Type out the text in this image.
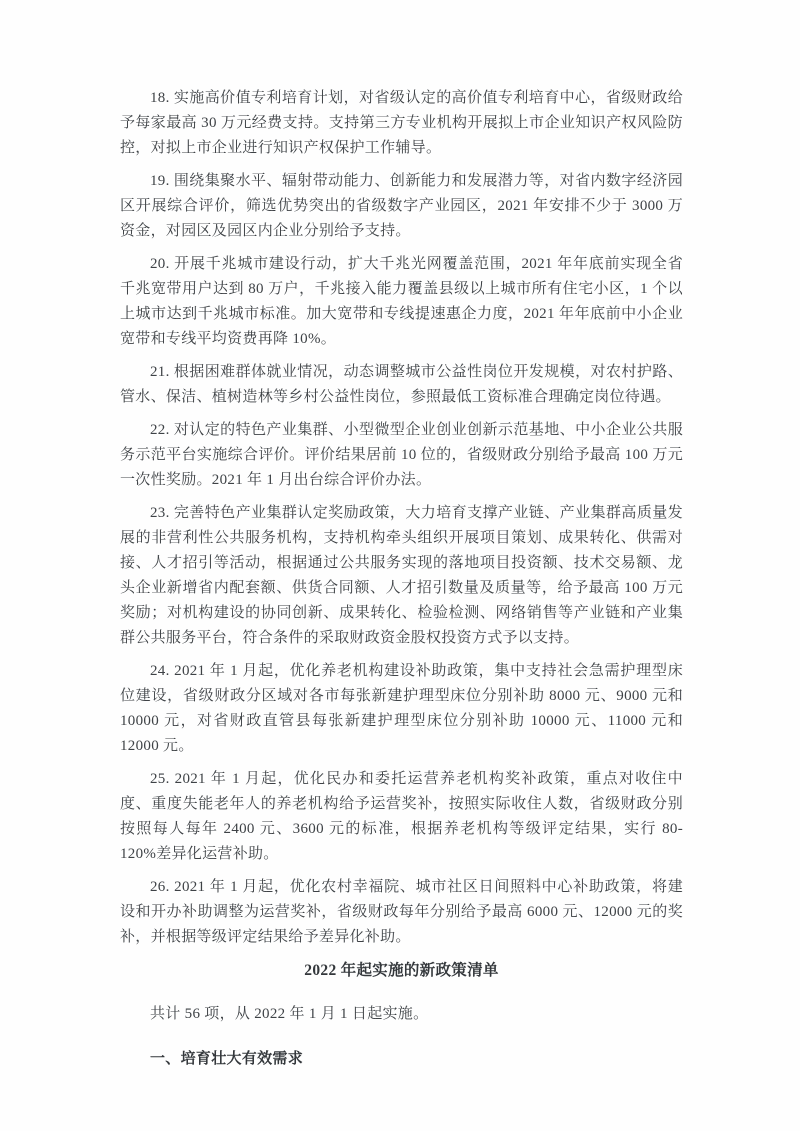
18. 实施高价值专利培育计划，对省级认定的高价值专利培育中心，省级财政给予每家最高 30 万元经费支持。支持第三方专业机构开展拟上市企业知识产权风险防控，对拟上市企业进行知识产权保护工作辅导。

19. 围绕集聚水平、辐射带动能力、创新能力和发展潜力等，对省内数字经济园区开展综合评价，筛选优势突出的省级数字产业园区，2021 年安排不少于 3000 万资金，对园区及园区内企业分别给予支持。

20. 开展千兆城市建设行动，扩大千兆光网覆盖范围，2021 年年底前实现全省千兆宽带用户达到 80 万户，千兆接入能力覆盖县级以上城市所有住宅小区，1 个以上城市达到千兆城市标准。加大宽带和专线提速惠企力度，2021 年年底前中小企业宽带和专线平均资费再降 10%。

21. 根据困难群体就业情况，动态调整城市公益性岗位开发规模，对农村护路、管水、保洁、植树造林等乡村公益性岗位，参照最低工资标准合理确定岗位待遇。

22. 对认定的特色产业集群、小型微型企业创业创新示范基地、中小企业公共服务示范平台实施综合评价。评价结果居前 10 位的，省级财政分别给予最高 100 万元一次性奖励。2021 年 1 月出台综合评价办法。

23. 完善特色产业集群认定奖励政策，大力培育支撑产业链、产业集群高质量发展的非营利性公共服务机构，支持机构牵头组织开展项目策划、成果转化、供需对接、人才招引等活动，根据通过公共服务实现的落地项目投资额、技术交易额、龙头企业新增省内配套额、供货合同额、人才招引数量及质量等，给予最高 100 万元奖励；对机构建设的协同创新、成果转化、检验检测、网络销售等产业链和产业集群公共服务平台，符合条件的采取财政资金股权投资方式予以支持。

24. 2021 年 1 月起，优化养老机构建设补助政策，集中支持社会急需护理型床位建设，省级财政分区域对各市每张新建护理型床位分别补助 8000 元、9000 元和 10000 元，对省财政直管县每张新建护理型床位分别补助 10000 元、11000 元和 12000 元。

25. 2021 年 1 月起，优化民办和委托运营养老机构奖补政策，重点对收住中度、重度失能老年人的养老机构给予运营奖补，按照实际收住人数，省级财政分别按照每人每年 2400 元、3600 元的标准，根据养老机构等级评定结果，实行 80-120%差异化运营补助。

26. 2021 年 1 月起，优化农村幸福院、城市社区日间照料中心补助政策，将建设和开办补助调整为运营奖补，省级财政每年分别给予最高 6000 元、12000 元的奖补，并根据等级评定结果给予差异化补助。

2022 年起实施的新政策清单

共计 56 项，从 2022 年 1 月 1 日起实施。

一、培育壮大有效需求
